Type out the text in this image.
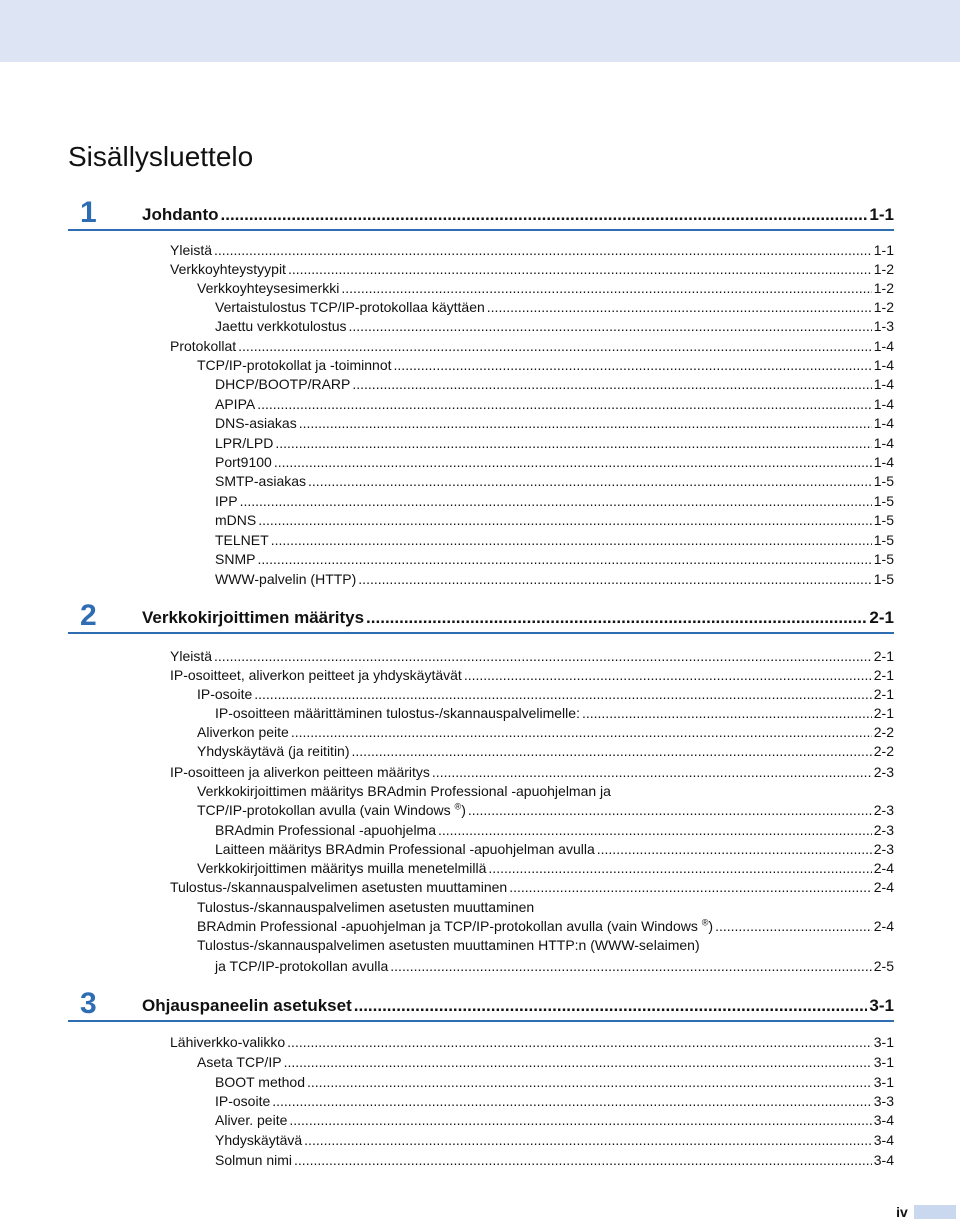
Sisällysluettelo
1	Johdanto .....	1-1
Yleistä .....	1-1
Verkkoyhteystyypit .....	1-2
Verkkoyhteysesimerkki .....	1-2
Vertaistulostus TCP/IP-protokollaa käyttäen .....	1-2
Jaettu verkkotulostus .....	1-3
Protokollat .....	1-4
TCP/IP-protokollat ja -toiminnot .....	1-4
DHCP/BOOTP/RARP .....	1-4
APIPA .....	1-4
DNS-asiakas .....	1-4
LPR/LPD .....	1-4
Port9100 .....	1-4
SMTP-asiakas .....	1-5
IPP .....	1-5
mDNS .....	1-5
TELNET .....	1-5
SNMP .....	1-5
WWW-palvelin (HTTP) .....	1-5
2	Verkkokirjoittimen määritys .....	2-1
Yleistä .....	2-1
IP-osoitteet, aliverkon peitteet ja yhdyskäytävät .....	2-1
IP-osoite .....	2-1
IP-osoitteen määrittäminen tulostus-/skannauspalvelimelle: .....	2-1
Aliverkon peite .....	2-2
Yhdyskäytävä (ja reititin) .....	2-2
IP-osoitteen ja aliverkon peitteen määritys .....	2-3
Verkkokirjoittimen määritys BRAdmin Professional -apuohjelman ja
TCP/IP-protokollan avulla (vain Windows ®) .....	2-3
BRAdmin Professional -apuohjelma .....	2-3
Laitteen määritys BRAdmin Professional -apuohjelman avulla .....	2-3
Verkkokirjoittimen määritys muilla menetelmillä .....	2-4
Tulostus-/skannauspalvelimen asetusten muuttaminen .....	2-4
Tulostus-/skannauspalvelimen asetusten muuttaminen
BRAdmin Professional -apuohjelman ja TCP/IP-protokollan avulla (vain Windows ®) .....	2-4
Tulostus-/skannauspalvelimen asetusten muuttaminen HTTP:n (WWW-selaimen)
ja TCP/IP-protokollan avulla .....	2-5
3	Ohjauspaneelin asetukset .....	3-1
Lähiverkko-valikko .....	3-1
Aseta TCP/IP .....	3-1
BOOT method .....	3-1
IP-osoite .....	3-3
Aliver. peite .....	3-4
Yhdyskäytävä .....	3-4
Solmun nimi .....	3-4
iv
